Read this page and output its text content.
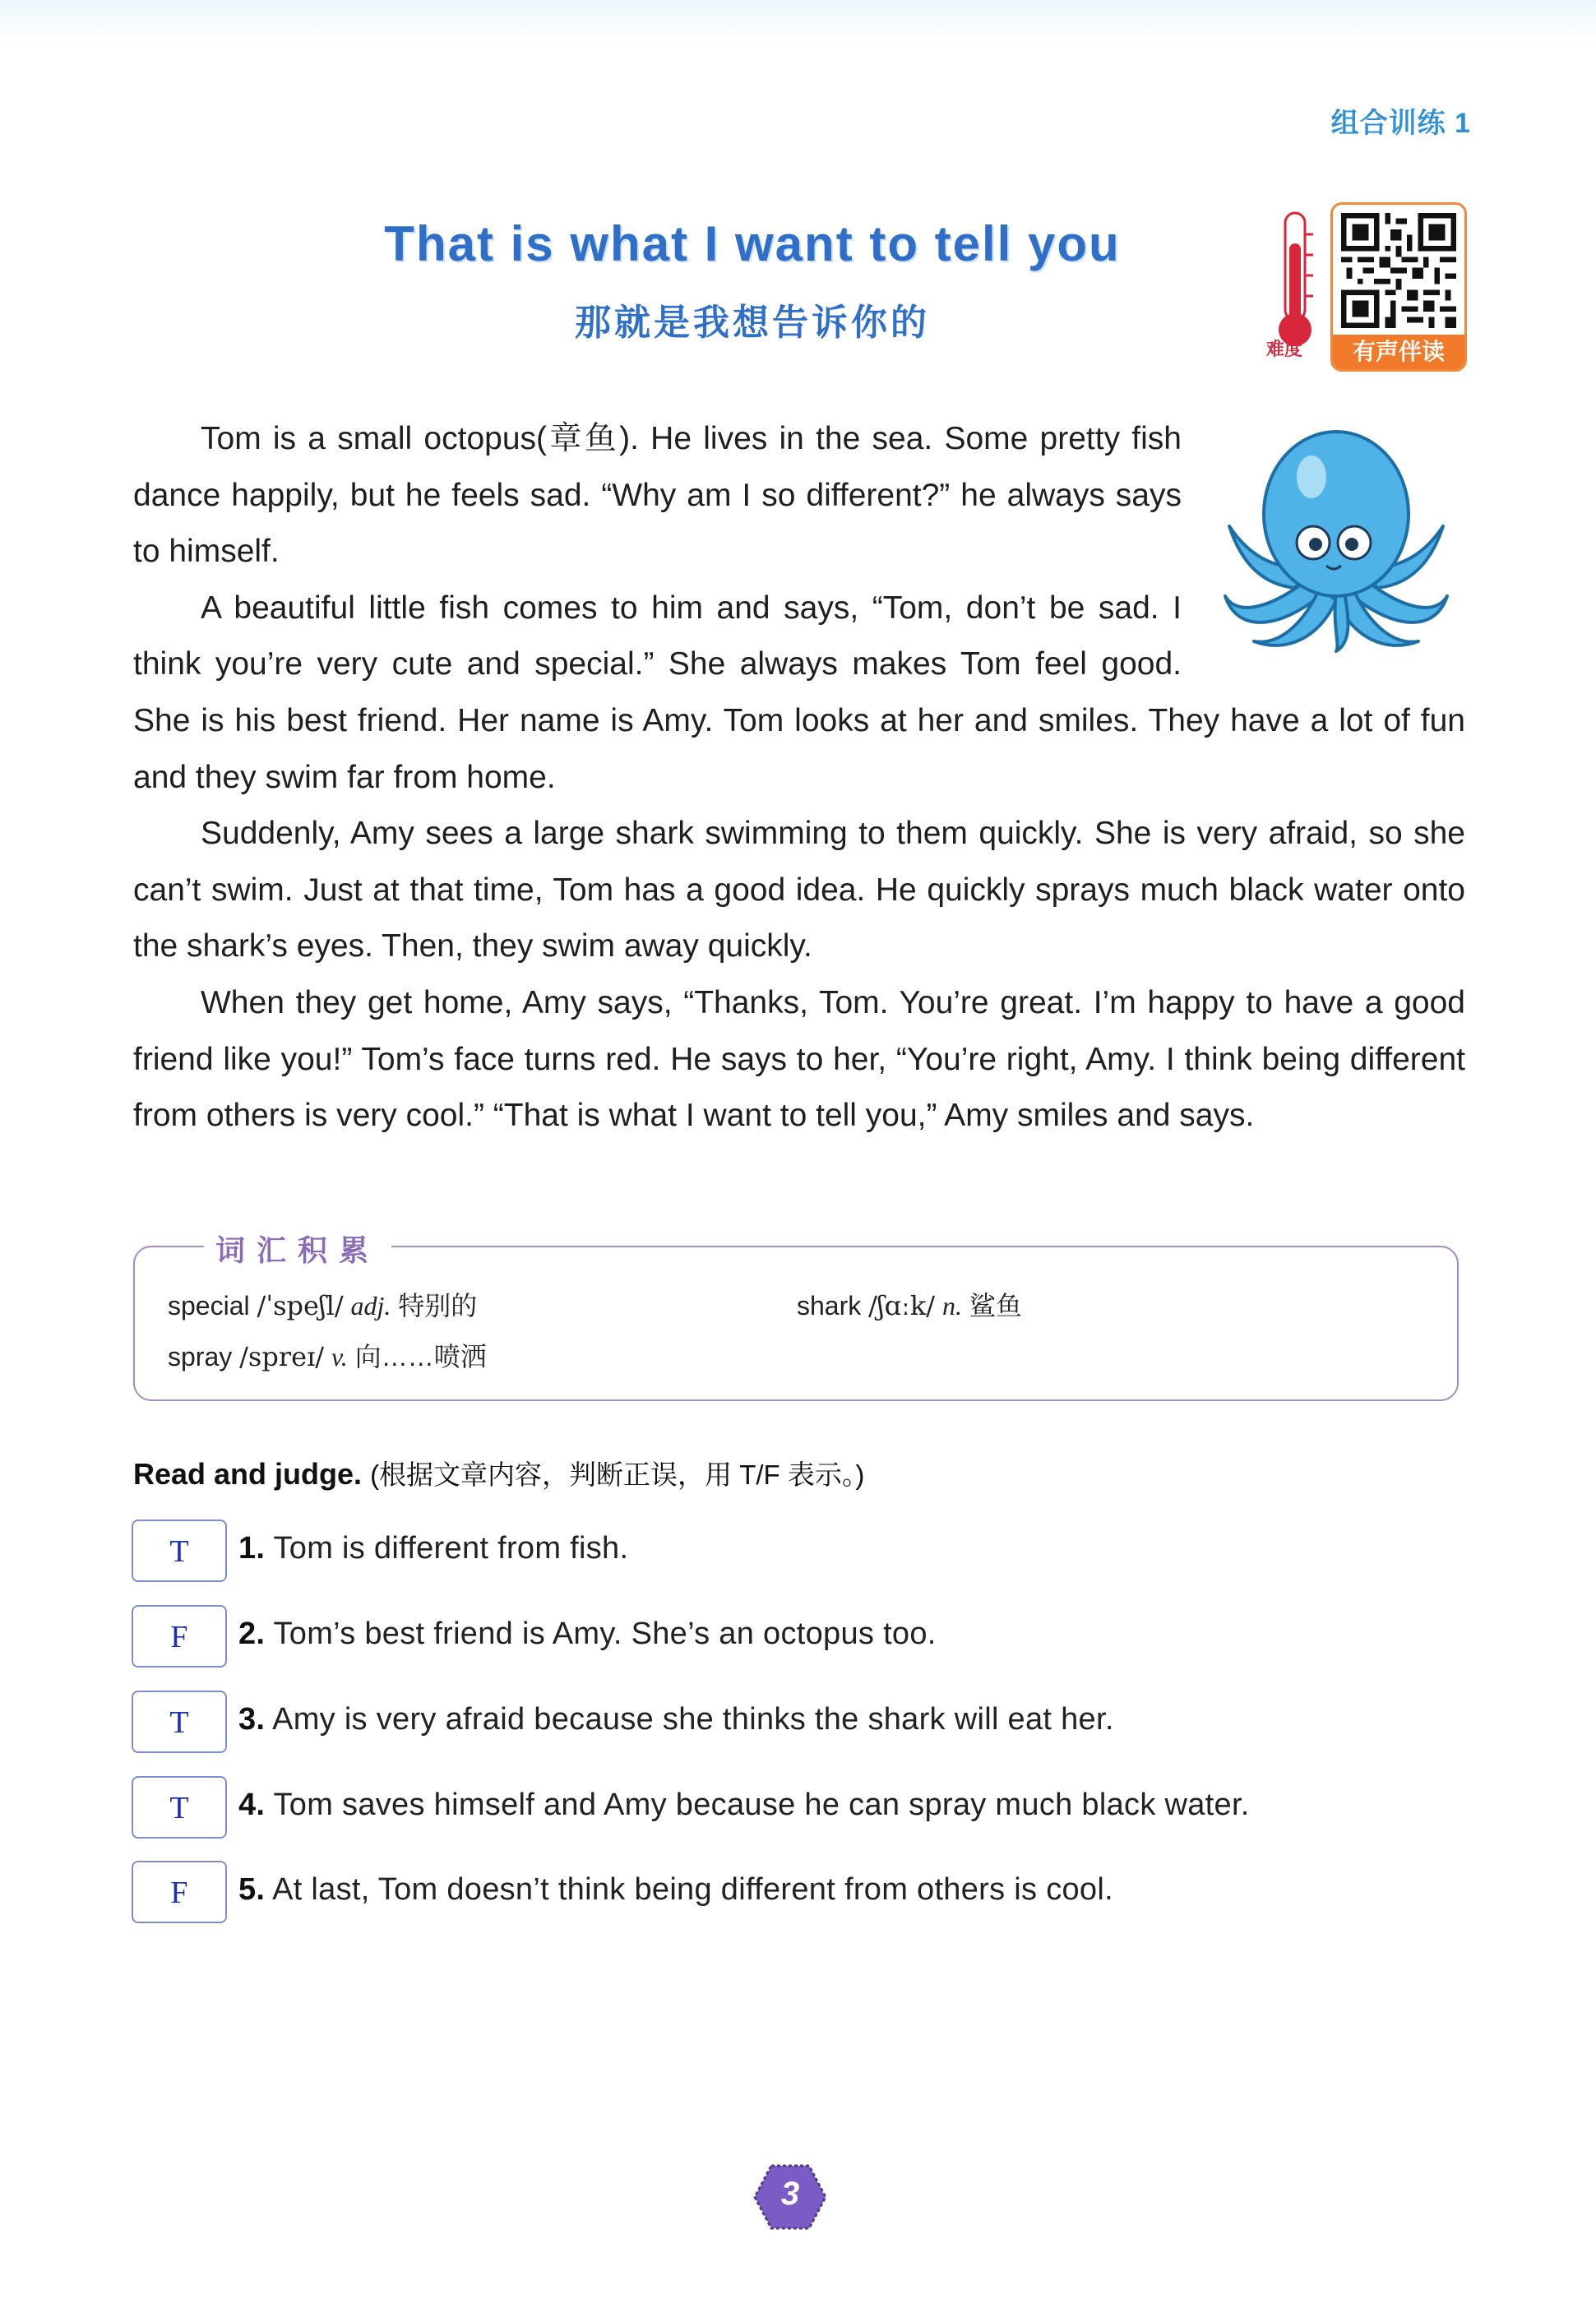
组合训练 1
That is what I want to tell you
那就是我想告诉你的
难度	有声伴读

Tom is a small octopus(章鱼). He lives in the sea. Some pretty fish dance happily, but he feels sad. “Why am I so different?” he always says to himself.

A beautiful little fish comes to him and says, “Tom, don’t be sad. I think you’re very cute and special.” She always makes Tom feel good. She is his best friend. Her name is Amy. Tom looks at her and smiles. They have a lot of fun and they swim far from home.

Suddenly, Amy sees a large shark swimming to them quickly. She is very afraid, so she can’t swim. Just at that time, Tom has a good idea. He quickly sprays much black water onto the shark’s eyes. Then, they swim away quickly.

When they get home, Amy says, “Thanks, Tom. You’re great. I’m happy to have a good friend like you!” Tom’s face turns red. He says to her, “You’re right, Amy. I think being different from others is very cool.” “That is what I want to tell you,” Amy smiles and says.

词汇积累
special /ˈspeʃl/ adj. 特别的	shark /ʃɑːk/ n. 鲨鱼
spray /spreɪ/ v. 向……喷洒
Read and judge. (根据文章内容，判断正误，用 T/F 表示。)
T	1. Tom is different from fish.
F	2. Tom’s best friend is Amy. She’s an octopus too.
T	3. Amy is very afraid because she thinks the shark will eat her.
T	4. Tom saves himself and Amy because he can spray much black water.
F	5. At last, Tom doesn’t think being different from others is cool.
3
